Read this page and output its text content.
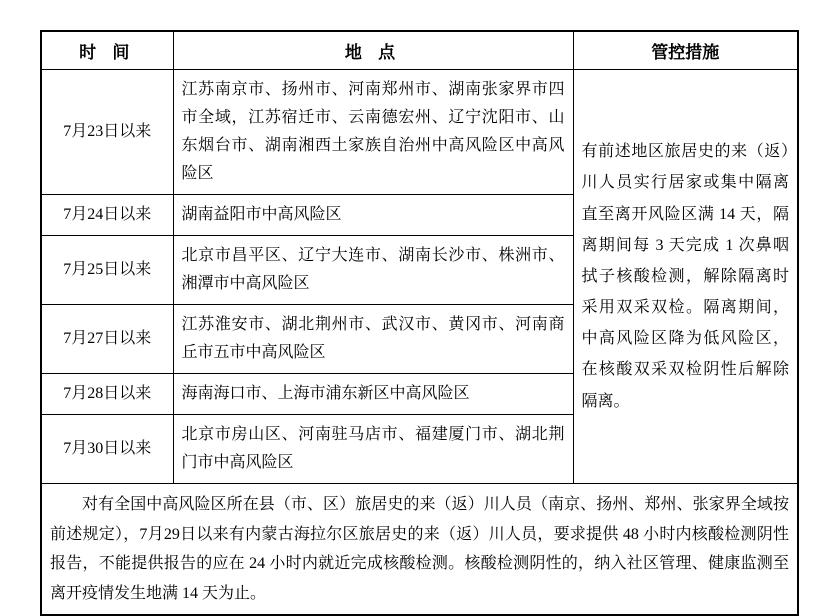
时 间	地 点	管控措施
7月23日以来	江苏南京市、扬州市、河南郑州市、湖南张家界市四市全域，江苏宿迁市、云南德宏州、辽宁沈阳市、山东烟台市、湖南湘西土家族自治州中高风险区中高风险区	有前述地区旅居史的来（返）川人员实行居家或集中隔离直至离开风险区满 14 天，隔离期间每 3 天完成 1 次鼻咽拭子核酸检测，解除隔离时采用双采双检。隔离期间，中高风险区降为低风险区，在核酸双采双检阴性后解除隔离。
7月24日以来	湖南益阳市中高风险区	
7月25日以来	北京市昌平区、辽宁大连市、湖南长沙市、株洲市、湘潭市中高风险区	
7月27日以来	江苏淮安市、湖北荆州市、武汉市、黄冈市、河南商丘市五市中高风险区	
7月28日以来	海南海口市、上海市浦东新区中高风险区	
7月30日以来	北京市房山区、河南驻马店市、福建厦门市、湖北荆门市中高风险区	

对有全国中高风险区所在县（市、区）旅居史的来（返）川人员（南京、扬州、郑州、张家界全域按前述规定），7月29日以来有内蒙古海拉尔区旅居史的来（返）川人员，要求提供 48 小时内核酸检测阴性报告，不能提供报告的应在 24 小时内就近完成核酸检测。核酸检测阴性的，纳入社区管理、健康监测至离开疫情发生地满 14 天为止。		
